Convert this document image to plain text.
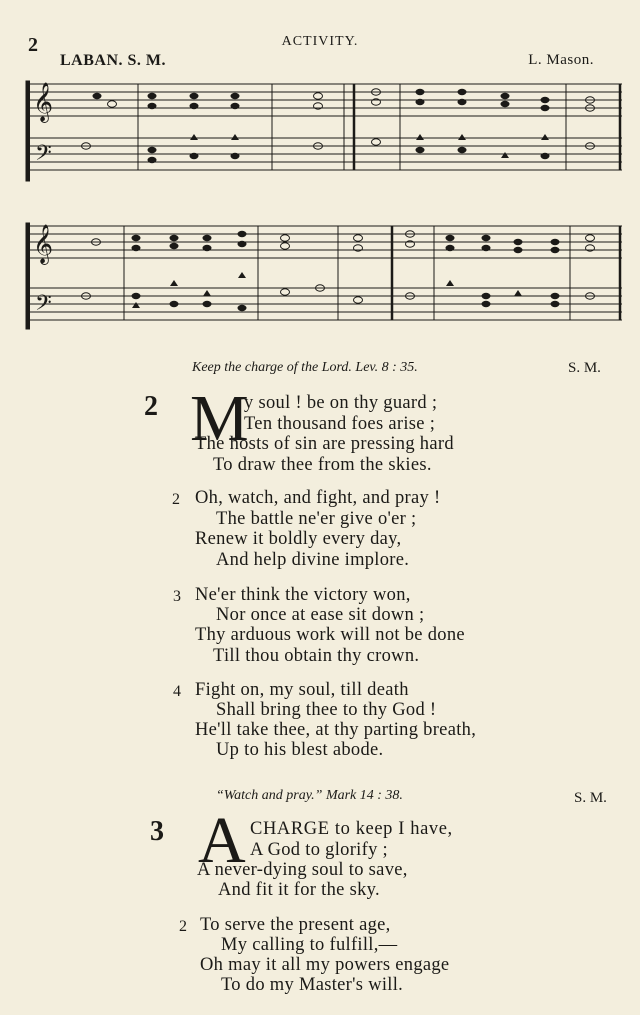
2	ACTIVITY.
LABAN. S. M.	L. Mason.
𝄞
𝄢
𝄞
𝄢
Keep the charge of the Lord. Lev. 8 : 35.	S. M.
2 M
y soul ! be on thy guard ;
Ten thousand foes arise ;
The hosts of sin are pressing hard
To draw thee from the skies.
2 Oh, watch, and fight, and pray !
The battle ne'er give o'er ;
Renew it boldly every day,
And help divine implore.
3 Ne'er think the victory won,
Nor once at ease sit down ;
Thy arduous work will not be done
Till thou obtain thy crown.
4 Fight on, my soul, till death
Shall bring thee to thy God !
He'll take thee, at thy parting breath,
Up to his blest abode.
“Watch and pray.” Mark 14 : 38.	S. M.
3 A CHARGE to keep I have,
A God to glorify ;
A never-dying soul to save,
And fit it for the sky.
2 To serve the present age,
My calling to fulfill,—
Oh may it all my powers engage
To do my Master's will.
